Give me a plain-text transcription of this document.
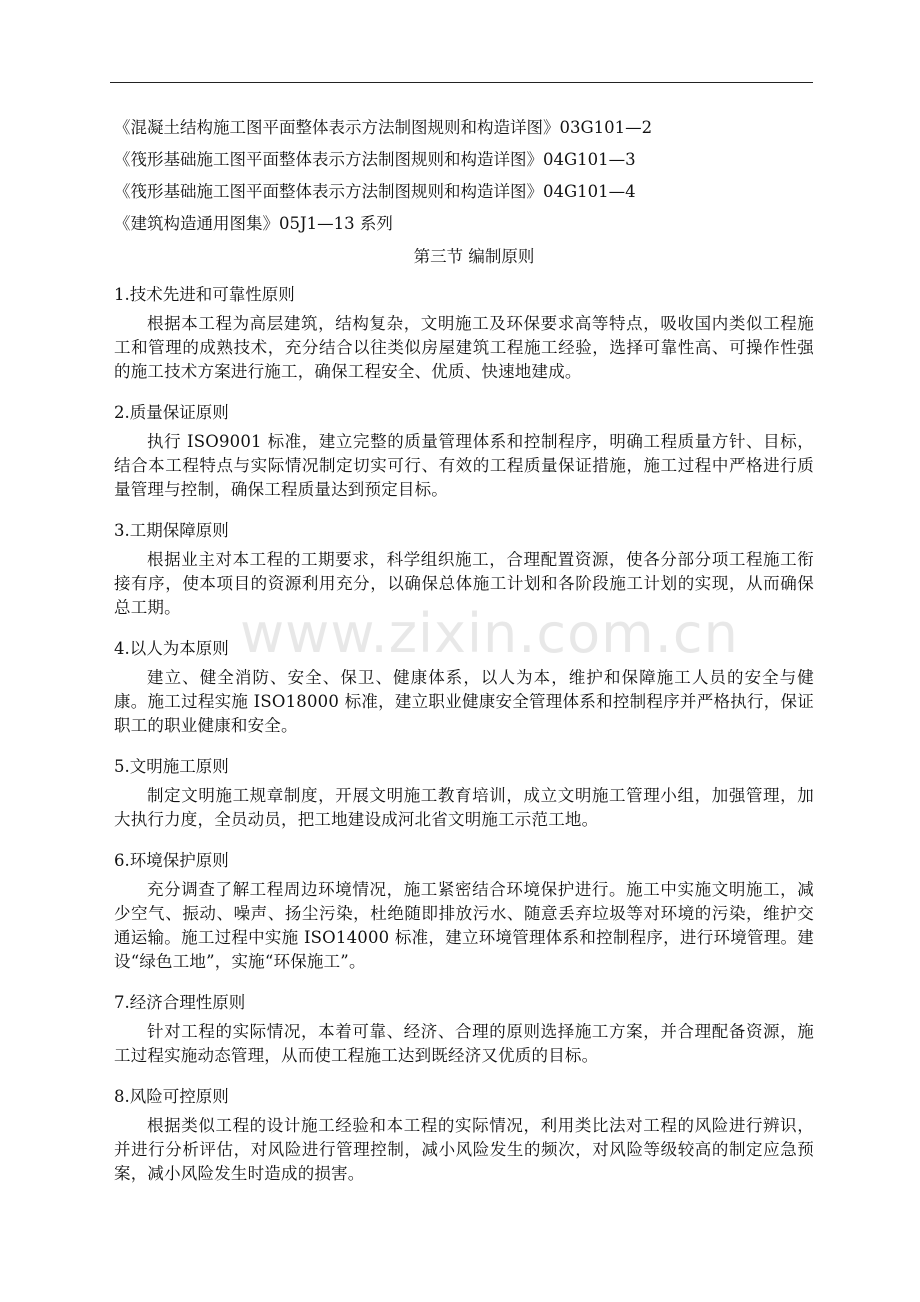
《混凝土结构施工图平面整体表示方法制图规则和构造详图》03G101—2
《筏形基础施工图平面整体表示方法制图规则和构造详图》04G101—3
《筏形基础施工图平面整体表示方法制图规则和构造详图》04G101—4
《建筑构造通用图集》05J1—13 系列
第三节 编制原则
1.技术先进和可靠性原则
根据本工程为高层建筑，结构复杂，文明施工及环保要求高等特点，吸收国内类似工程施工和管理的成熟技术，充分结合以往类似房屋建筑工程施工经验，选择可靠性高、可操作性强的施工技术方案进行施工，确保工程安全、优质、快速地建成。
2.质量保证原则
执行 ISO9001 标准，建立完整的质量管理体系和控制程序，明确工程质量方针、目标，结合本工程特点与实际情况制定切实可行、有效的工程质量保证措施，施工过程中严格进行质量管理与控制，确保工程质量达到预定目标。
3.工期保障原则
根据业主对本工程的工期要求，科学组织施工，合理配置资源，使各分部分项工程施工衔接有序，使本项目的资源利用充分，以确保总体施工计划和各阶段施工计划的实现，从而确保总工期。
4.以人为本原则
建立、健全消防、安全、保卫、健康体系，以人为本，维护和保障施工人员的安全与健康。施工过程实施 ISO18000 标准，建立职业健康安全管理体系和控制程序并严格执行，保证职工的职业健康和安全。
5.文明施工原则
制定文明施工规章制度，开展文明施工教育培训，成立文明施工管理小组，加强管理，加大执行力度，全员动员，把工地建设成河北省文明施工示范工地。
6.环境保护原则
充分调查了解工程周边环境情况，施工紧密结合环境保护进行。施工中实施文明施工，减少空气、振动、噪声、扬尘污染，杜绝随即排放污水、随意丢弃垃圾等对环境的污染，维护交通运输。施工过程中实施 ISO14000 标准，建立环境管理体系和控制程序，进行环境管理。建设“绿色工地”，实施“环保施工”。
7.经济合理性原则
针对工程的实际情况，本着可靠、经济、合理的原则选择施工方案，并合理配备资源，施工过程实施动态管理，从而使工程施工达到既经济又优质的目标。
8.风险可控原则
根据类似工程的设计施工经验和本工程的实际情况，利用类比法对工程的风险进行辨识，并进行分析评估，对风险进行管理控制，减小风险发生的频次，对风险等级较高的制定应急预案，减小风险发生时造成的损害。
www.zixin.com.cn
